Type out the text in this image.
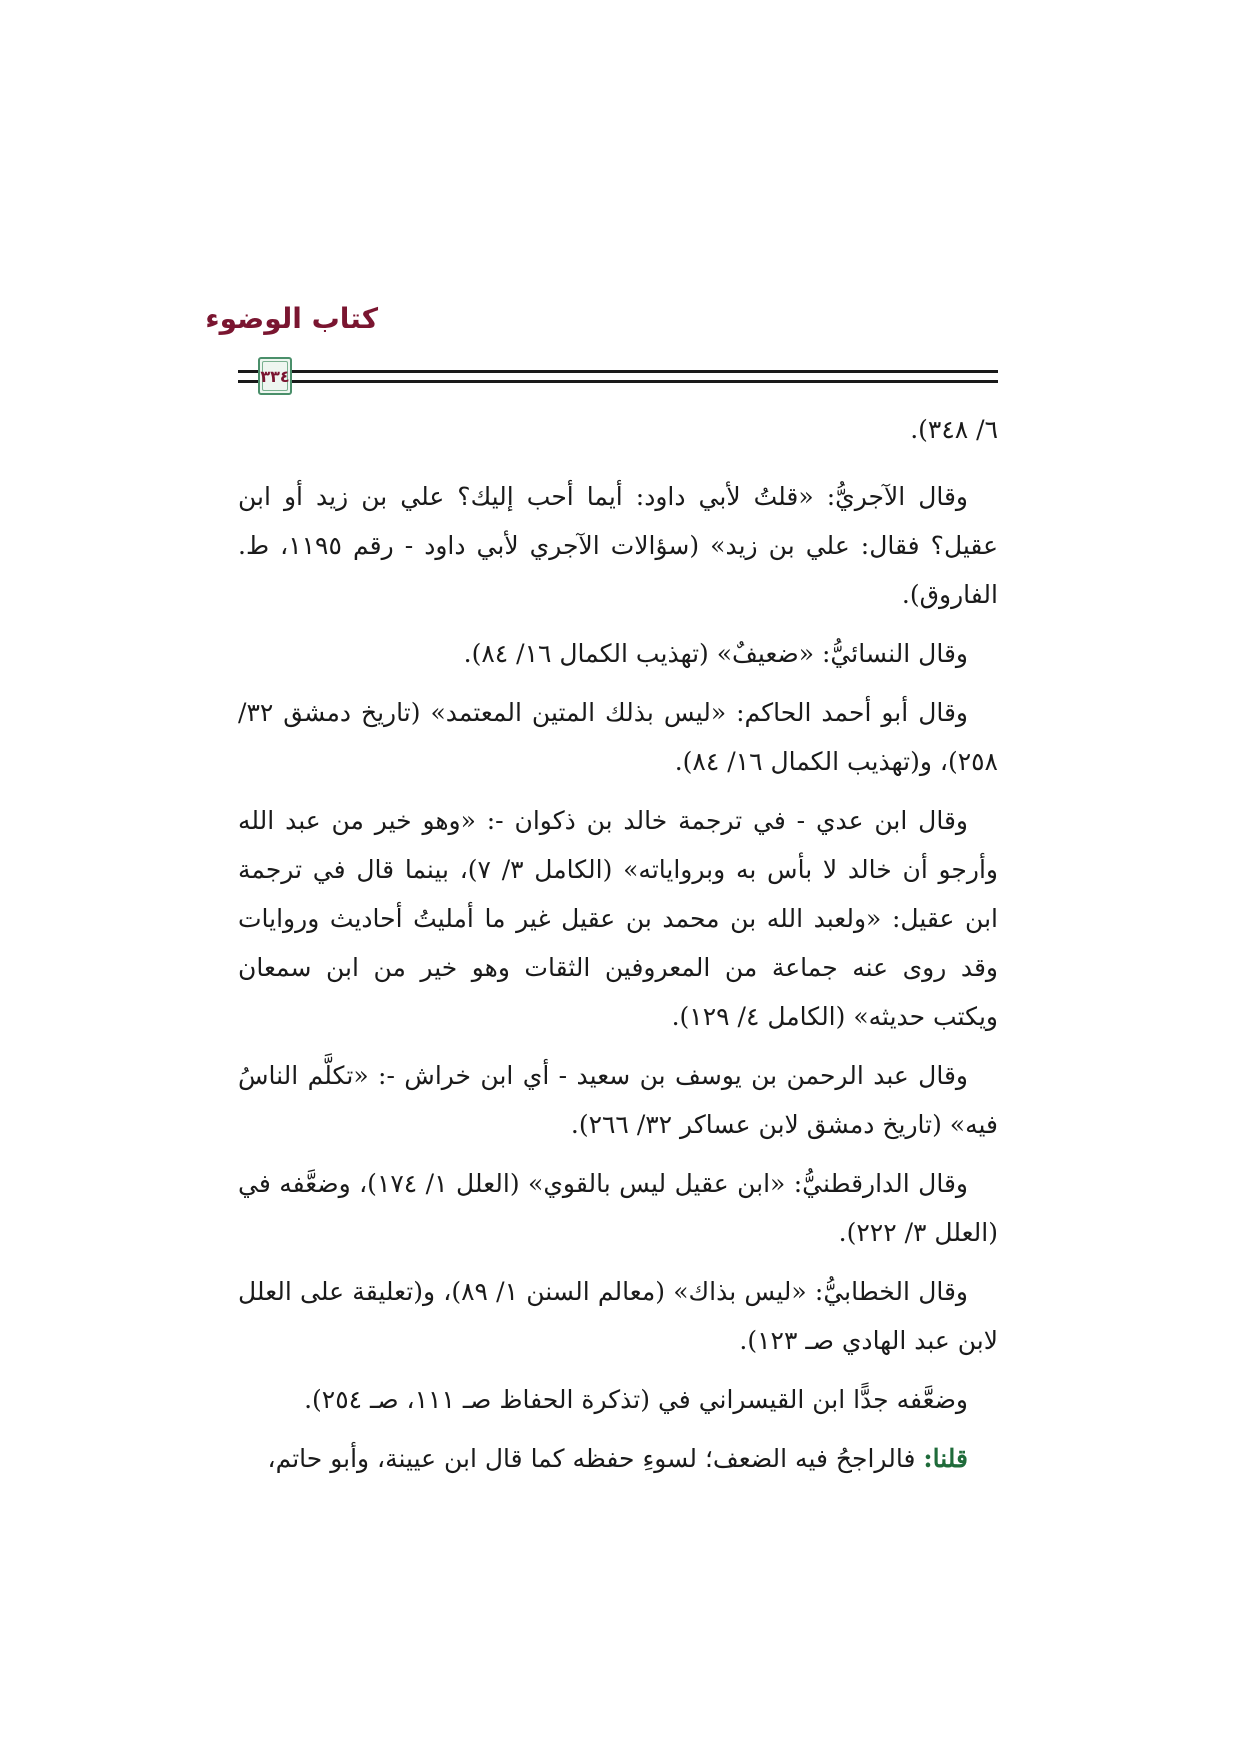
كتاب الوضوء
٣٣٤

٦/ ٣٤٨).

وقال الآجريُّ: «قلتُ لأبي داود: أيما أحب إليك؟ علي بن زيد أو ابن عقيل؟ فقال: علي بن زيد» (سؤالات الآجري لأبي داود - رقم ١١٩٥، ط. الفاروق).

وقال النسائيُّ: «ضعيفٌ» (تهذيب الكمال ١٦/ ٨٤).

وقال أبو أحمد الحاكم: «ليس بذلك المتين المعتمد» (تاريخ دمشق ٣٢/ ٢٥٨)، و(تهذيب الكمال ١٦/ ٨٤).

وقال ابن عدي - في ترجمة خالد بن ذكوان -: «وهو خير من عبد الله وأرجو أن خالد لا بأس به وبرواياته» (الكامل ٣/ ٧)، بينما قال في ترجمة ابن عقيل: «ولعبد الله بن محمد بن عقيل غير ما أمليتُ أحاديث وروايات وقد روى عنه جماعة من المعروفين الثقات وهو خير من ابن سمعان ويكتب حديثه» (الكامل ٤/ ١٢٩).

وقال عبد الرحمن بن يوسف بن سعيد - أي ابن خراش -: «تكلَّم الناسُ فيه» (تاريخ دمشق لابن عساكر ٣٢/ ٢٦٦).

وقال الدارقطنيُّ: «ابن عقيل ليس بالقوي» (العلل ١/ ١٧٤)، وضعَّفه في (العلل ٣/ ٢٢٢).

وقال الخطابيُّ: «ليس بذاك» (معالم السنن ١/ ٨٩)، و(تعليقة على العلل لابن عبد الهادي صـ ١٢٣).

وضعَّفه جدًّا ابن القيسراني في (تذكرة الحفاظ صـ ١١١، صـ ٢٥٤).

قلنا: فالراجحُ فيه الضعف؛ لسوءِ حفظه كما قال ابن عيينة، وأبو حاتم،
